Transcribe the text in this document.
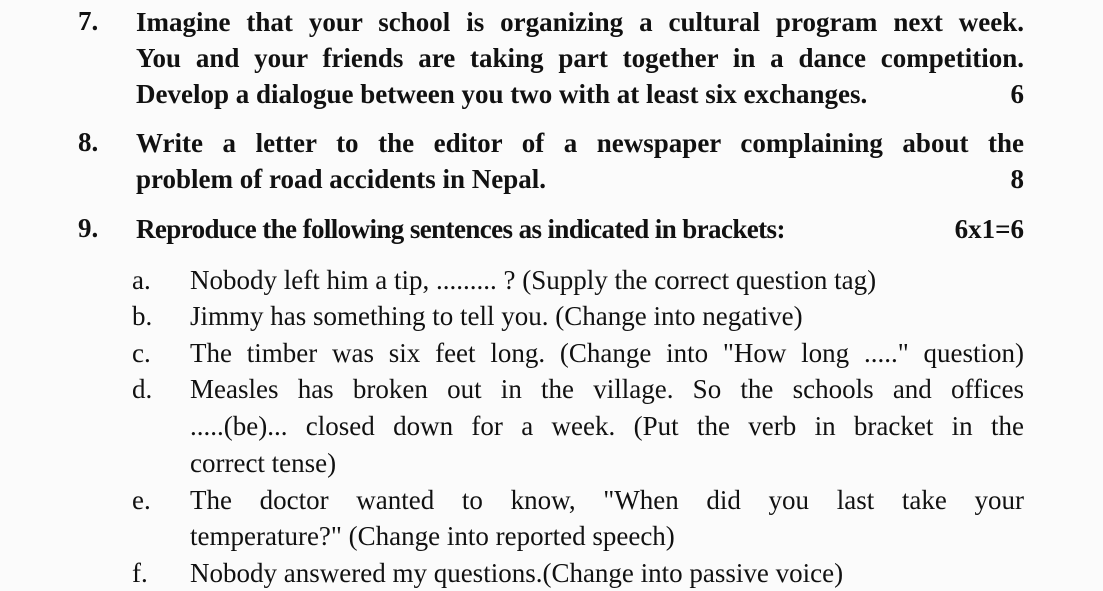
7. Imagine that your school is organizing a cultural program next week.
You and your friends are taking part together in a dance competition.
Develop a dialogue between you two with at least six exchanges.	6
8. Write a letter to the editor of a newspaper complaining about the
problem of road accidents in Nepal.	8
9. Reproduce the following sentences as indicated in brackets:	6x1=6
a. Nobody left him a tip, ......... ? (Supply the correct question tag)
b. Jimmy has something to tell you. (Change into negative)
c. The timber was six feet long. (Change into "How long ....." question)
d. Measles has broken out in the village. So the schools and offices
.....(be)... closed down for a week. (Put the verb in bracket in the
correct tense)
e. The doctor wanted to know, "When did you last take your
temperature?" (Change into reported speech)
f. Nobody answered my questions.(Change into passive voice)
